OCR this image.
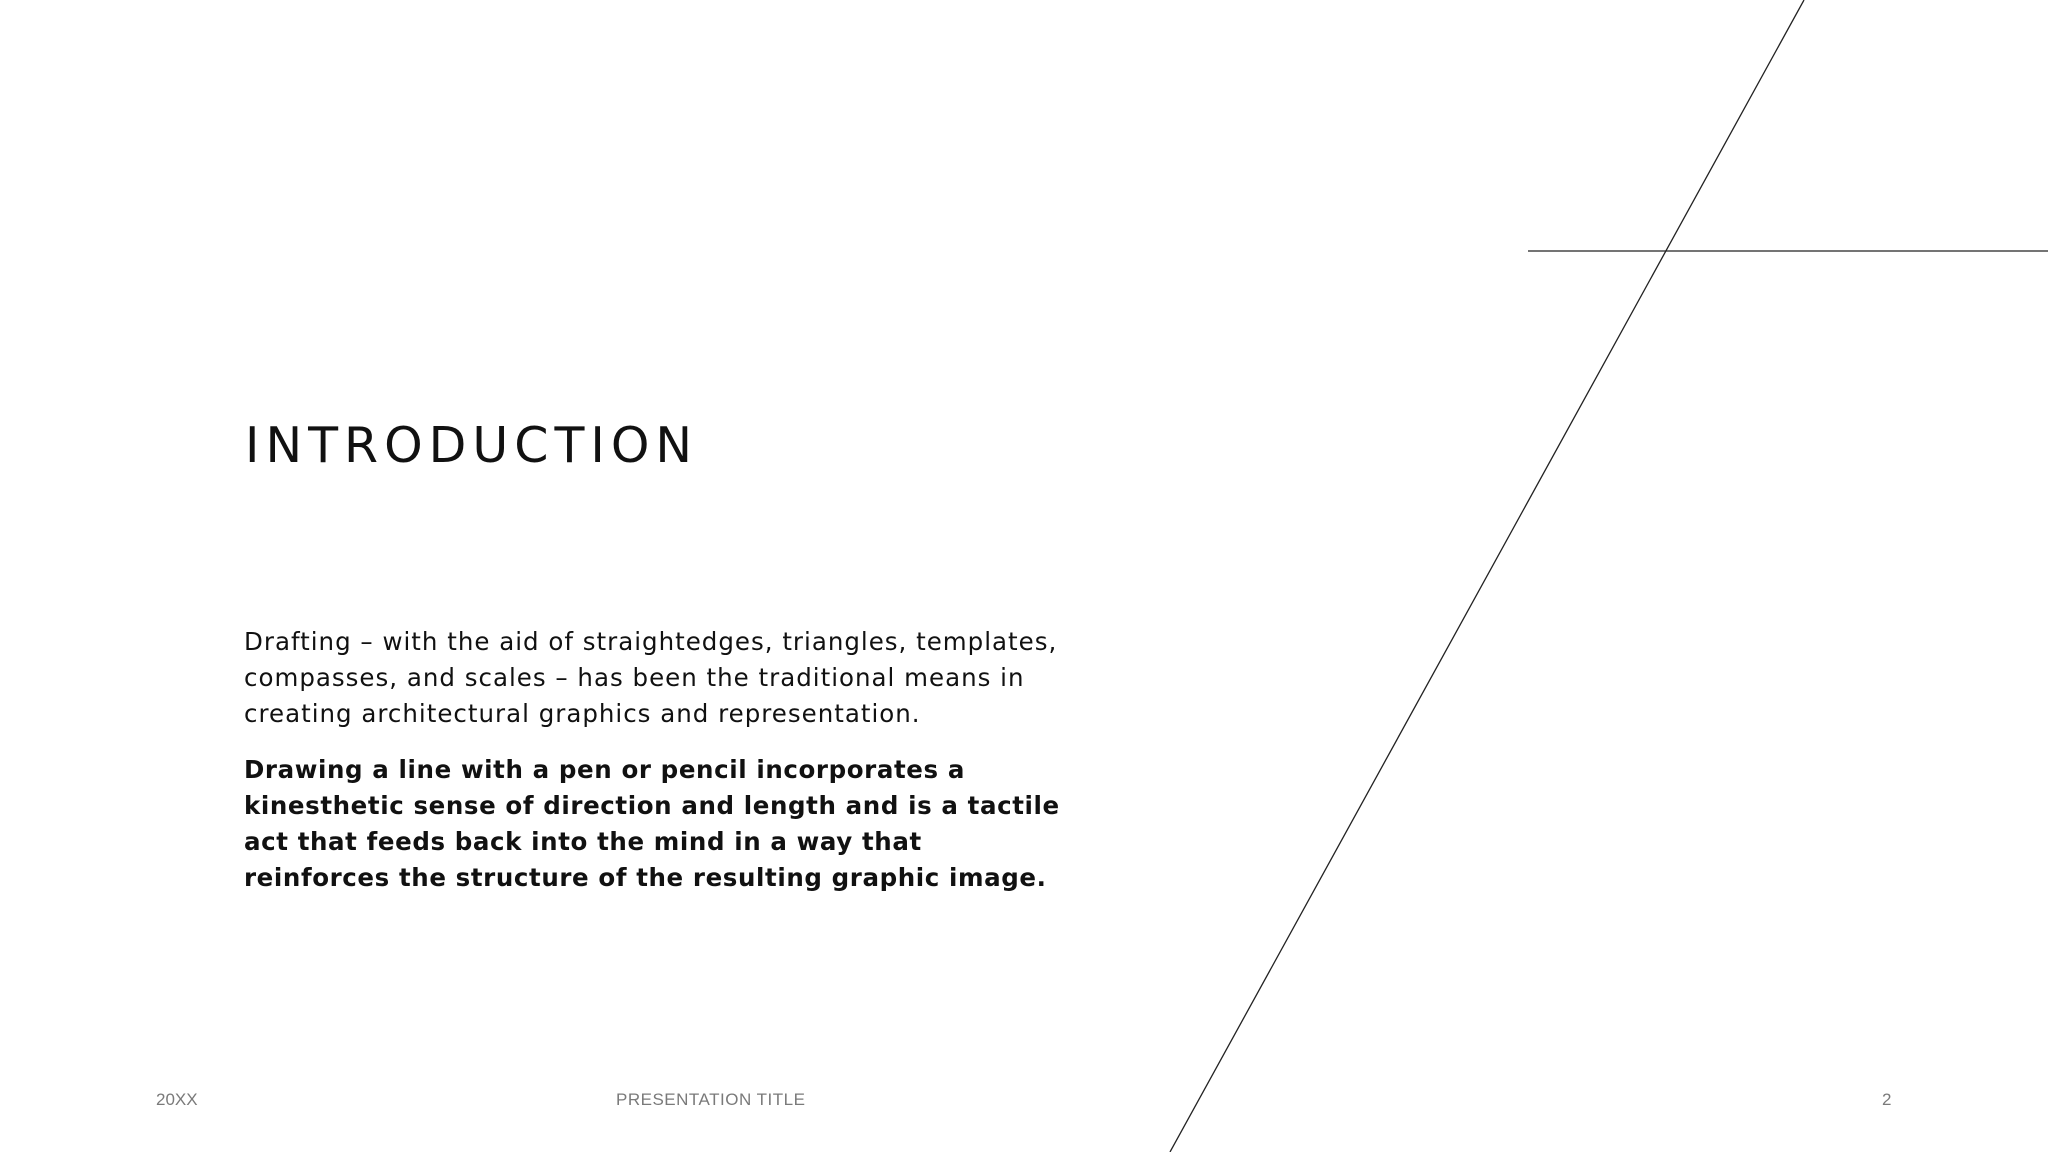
INTRODUCTION

Drafting – with the aid of straightedges, triangles, templates, compasses, and scales – has been the traditional means in creating architectural graphics and representation.

Drawing a line with a pen or pencil incorporates a kinesthetic sense of direction and length and is a tactile act that feeds back into the mind in a way that reinforces the structure of the resulting graphic image.

20XX	PRESENTATION TITLE	2
